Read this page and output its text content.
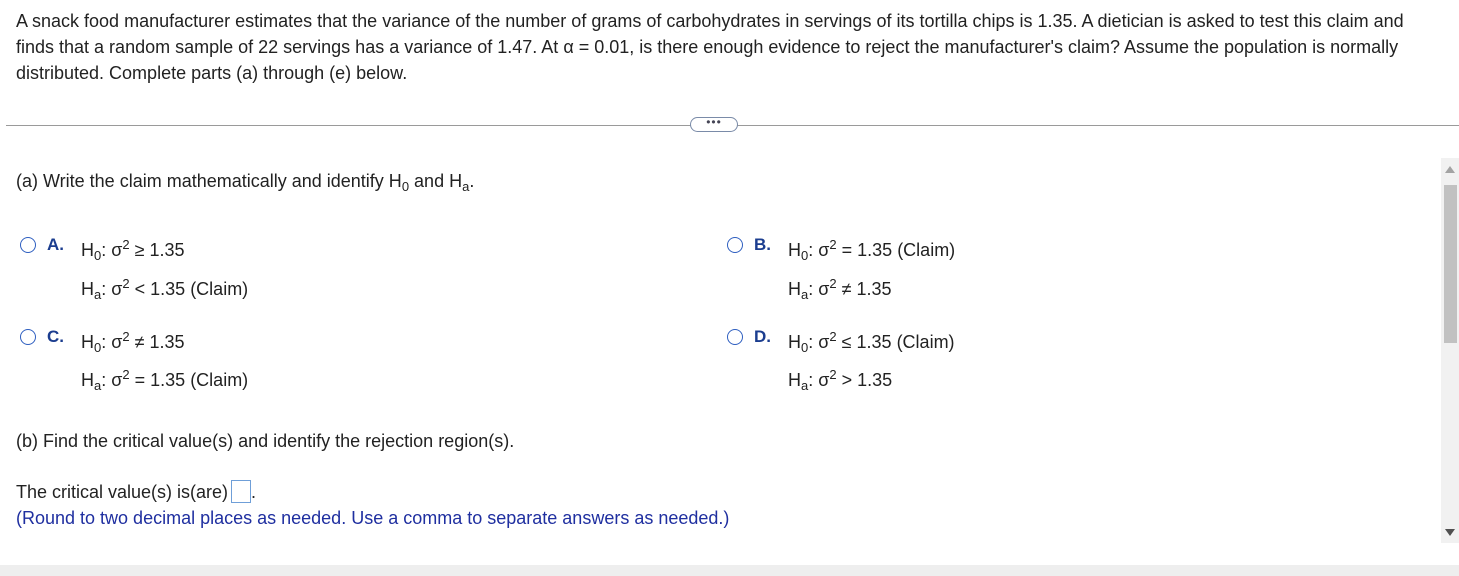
A snack food manufacturer estimates that the variance of the number of grams of carbohydrates in servings of its tortilla chips is 1.35. A dietician is asked to test this claim and finds that a random sample of 22 servings has a variance of 1.47. At α = 0.01, is there enough evidence to reject the manufacturer's claim? Assume the population is normally distributed. Complete parts (a) through (e) below.
•••
(a) Write the claim mathematically and identify $H_0$ and $H_a$.
A. $H_0$: $\sigma^2 \ge 1.35$
$H_a$: $\sigma^2 < 1.35$ (Claim)
B. $H_0$: $\sigma^2 = 1.35$ (Claim)
$H_a$: $\sigma^2 \ne 1.35$
C. $H_0$: $\sigma^2 \ne 1.35$
$H_a$: $\sigma^2 = 1.35$ (Claim)
D. $H_0$: $\sigma^2 \le 1.35$ (Claim)
$H_a$: $\sigma^2 > 1.35$
(b) Find the critical value(s) and identify the rejection region(s).
The critical value(s) is(are) .
(Round to two decimal places as needed. Use a comma to separate answers as needed.)
